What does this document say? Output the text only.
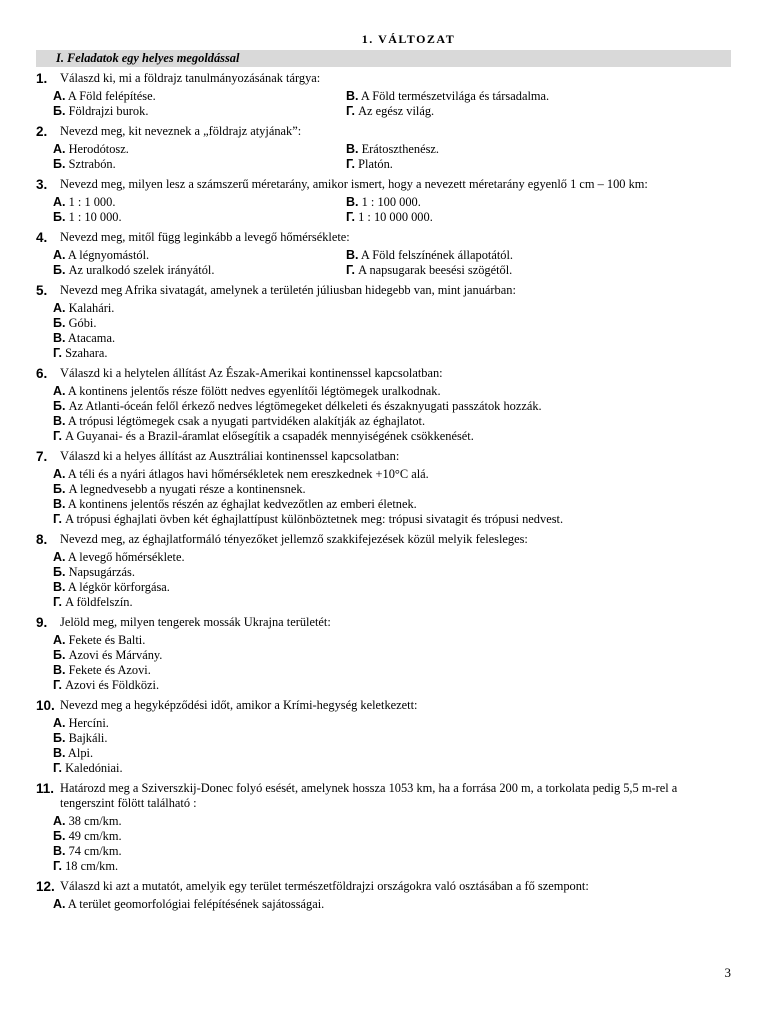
1. VÁLTOZAT
I. Feladatok egy helyes megoldással
1.	Válaszd ki, mi a földrajz tanulmányozásának tárgya:
A. A Föld felépítése.	B. A Föld természetvilága és társadalma.
Б. Földrajzi burok.	Г. Az egész világ.
2.	Nevezd meg, kit neveznek a „földrajz atyjának”:
A. Herodótosz.	B. Erátoszthenész.
Б. Sztrabón.	Г. Platón.
3.	Nevezd meg, milyen lesz a számszerű méretarány, amikor ismert, hogy a nevezett méretarány egyenlő 1 cm – 100 km:
A. 1 : 1 000.	B. 1 : 100 000.
Б. 1 : 10 000.	Г. 1 : 10 000 000.
4.	Nevezd meg, mitől függ leginkább a levegő hőmérséklete:
A. A légnyomástól.	B. A Föld felszínének állapotától.
Б. Az uralkodó szelek irányától.	Г. A napsugarak beesési szögétől.
5.	Nevezd meg Afrika sivatagát, amelynek a területén júliusban hidegebb van, mint januárban:
A. Kalahári.
Б. Góbi.
B. Atacama.
Г. Szahara.
6.	Válaszd ki a helytelen állítást Az Észak-Amerikai kontinenssel kapcsolatban:
A. A kontinens jelentős része fölött nedves egyenlítői légtömegek uralkodnak.
Б. Az Atlanti-óceán felől érkező nedves légtömegeket délkeleti és északnyugati passzátok hozzák.
B. A trópusi légtömegek csak a nyugati partvidéken alakítják az éghajlatot.
Г. A Guyanai- és a Brazil-áramlat elősegítik a csapadék mennyiségének csökkenését.
7.	Válaszd ki a helyes állítást az Ausztráliai kontinenssel kapcsolatban:
A. A téli és a nyári átlagos havi hőmérsékletek nem ereszkednek +10°C alá.
Б. A legnedvesebb a nyugati része a kontinensnek.
B. A kontinens jelentős részén az éghajlat kedvezőtlen az emberi életnek.
Г. A trópusi éghajlati övben két éghajlattípust különböztetnek meg: trópusi sivatagit és trópusi nedvest.
8.	Nevezd meg, az éghajlatformáló tényezőket jellemző szakkifejezések közül melyik felesleges:
A. A levegő hőmérséklete.
Б. Napsugárzás.
B. A légkör körforgása.
Г. A földfelszín.
9.	Jelöld meg, milyen tengerek mossák Ukrajna területét:
A. Fekete és Balti.
Б. Azovi és Márvány.
B. Fekete és Azovi.
Г. Azovi és Földközi.
10. Nevezd meg a hegyképződési időt, amikor a Krími-hegység keletkezett:
A. Hercíni.
Б. Bajkáli.
B. Alpi.
Г. Kaledóniai.
11. Határozd meg a Sziverszkij-Donec folyó esését, amelynek hossza 1053 km, ha a forrása 200 m, a torkolata pedig 5,5 m-rel a tengerszint fölött található :
A. 38 cm/km.
Б. 49 cm/km.
B. 74 cm/km.
Г. 18 cm/km.
12. Válaszd ki azt a mutatót, amelyik egy terület természetföldrajzi országokra való osztásában a fő szempont:
A. A terület geomorfológiai felépítésének sajátosságai.
3
